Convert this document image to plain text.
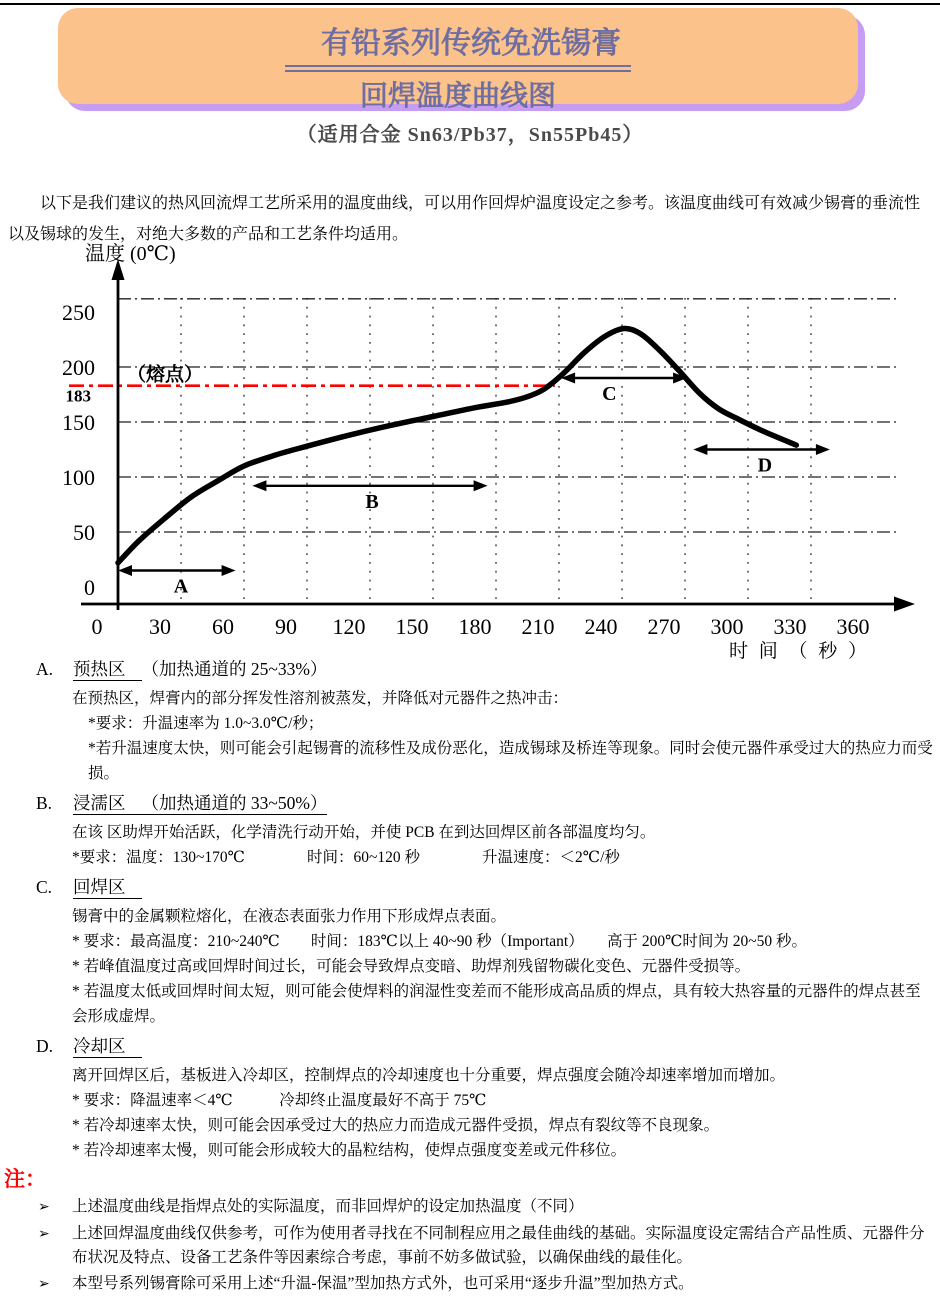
有铅系列传统免洗锡膏
回焊温度曲线图
（适用合金 Sn63/Pb37，Sn55Pb45）

以下是我们建议的热风回流焊工艺所采用的温度曲线，可以用作回焊炉温度设定之参考。该温度曲线可有效减少锡膏的垂流性以及锡球的发生，对绝大多数的产品和工艺条件均适用。

（熔点）
183
0 30 60 90 120 150 180 210 240 270 300 330 360
0
50
100
150
200
250
温度 (0℃)
时 间 （ 秒 ）
A
B
C
D
A. 预热区 （加热通道的 25~33%）
在预热区，焊膏内的部分挥发性溶剂被蒸发，并降低对元器件之热冲击：
*要求：升温速率为 1.0~3.0℃/秒；
*若升温速度太快，则可能会引起锡膏的流移性及成份恶化，造成锡球及桥连等现象。同时会使元器件承受过大的热应力而受损。
B. 浸濡区 （加热通道的 33~50%）
在该 区助焊开始活跃，化学清洗行动开始，并使 PCB 在到达回焊区前各部温度均匀。
*要求：温度：130~170℃　　　　时间：60~120 秒　　　　升温速度：＜2℃/秒
C. 回焊区
锡膏中的金属颗粒熔化，在液态表面张力作用下形成焊点表面。
* 要求：最高温度：210~240℃　　时间：183℃以上 40~90 秒（Important）　　高于 200℃时间为 20~50 秒。
* 若峰值温度过高或回焊时间过长，可能会导致焊点变暗、助焊剂残留物碳化变色、元器件受损等。
* 若温度太低或回焊时间太短，则可能会使焊料的润湿性变差而不能形成高品质的焊点，具有较大热容量的元器件的焊点甚至会形成虚焊。
D. 冷却区
离开回焊区后，基板进入冷却区，控制焊点的冷却速度也十分重要，焊点强度会随冷却速率增加而增加。
* 要求：降温速率＜4℃　　　冷却终止温度最好不高于 75℃
* 若冷却速率太快，则可能会因承受过大的热应力而造成元器件受损，焊点有裂纹等不良现象。
* 若冷却速率太慢，则可能会形成较大的晶粒结构，使焊点强度变差或元件移位。
注：
➢	上述温度曲线是指焊点处的实际温度，而非回焊炉的设定加热温度（不同）
➢	上述回焊温度曲线仅供参考，可作为使用者寻找在不同制程应用之最佳曲线的基础。实际温度设定需结合产品性质、元器件分布状况及特点、设备工艺条件等因素综合考虑，事前不妨多做试验，以确保曲线的最佳化。
➢	本型号系列锡膏除可采用上述“升温-保温”型加热方式外，也可采用“逐步升温”型加热方式。
